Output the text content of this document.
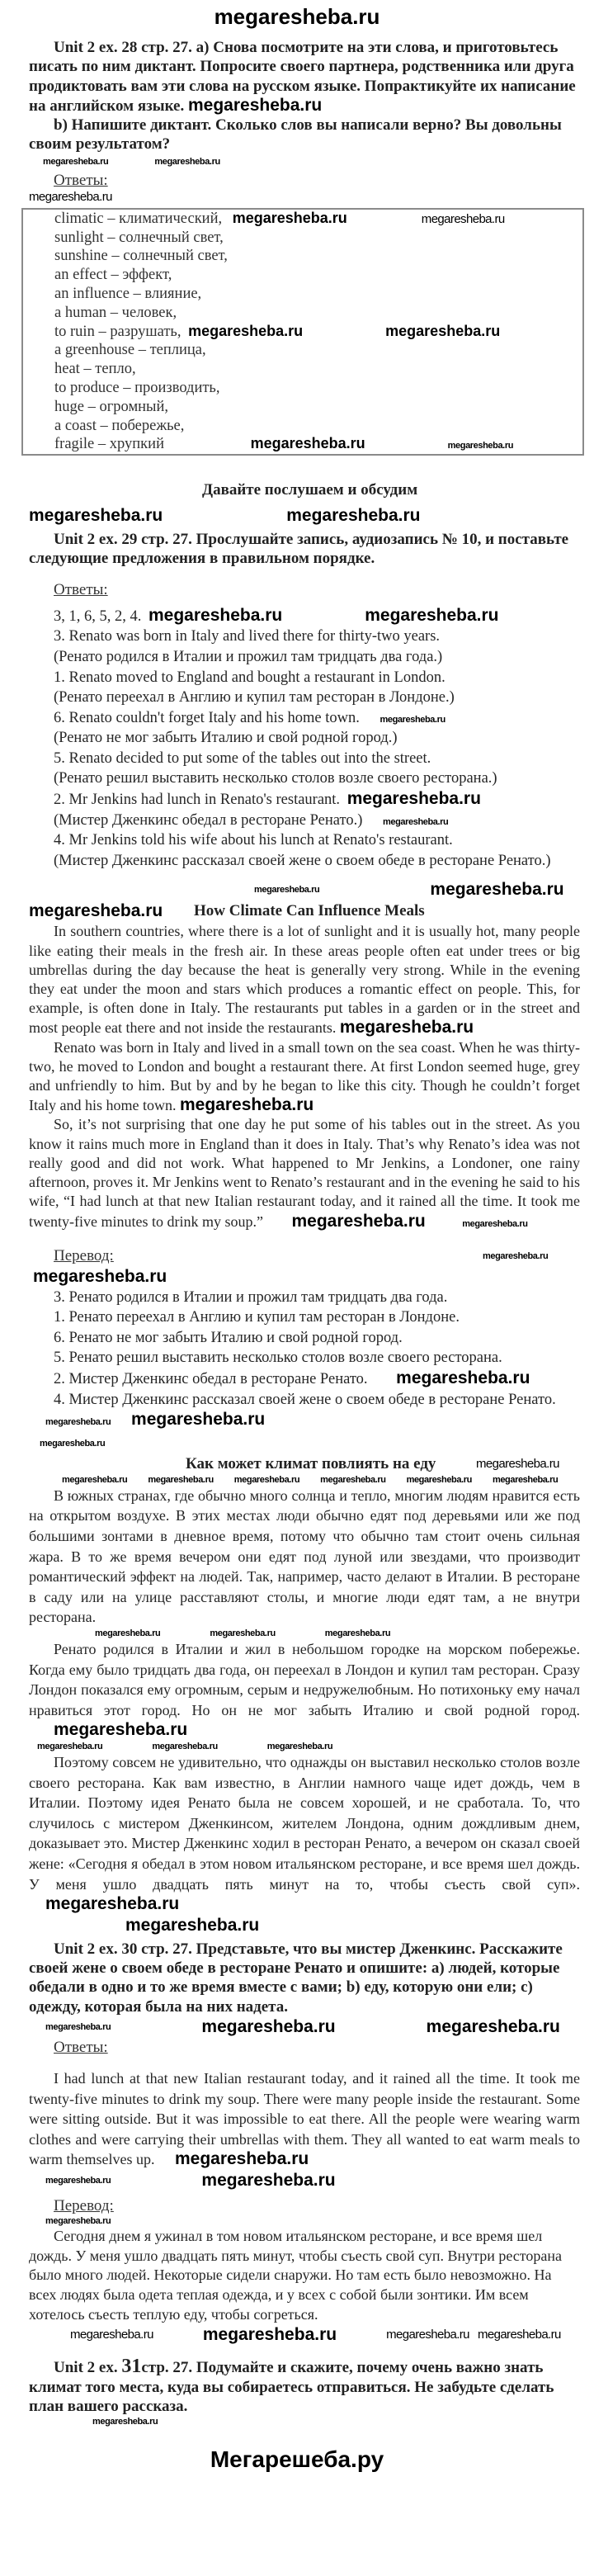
megaresheba.ru
Unit 2 ex. 28 стр. 27. а) Снова посмотрите на эти слова, и приготовьтесь писать по ним диктант. Попросите своего партнера, родственника или друга продиктовать вам эти слова на русском языке. Попрактикуйте их написание на английском языке. megaresheba.ru
b) Напишите диктант. Сколько слов вы написали верно? Вы довольны своим результатом?
megaresheba.ru	megaresheba.ru
Ответы:
megaresheba.ru
climatic – климатический, megaresheba.ru	megaresheba.ru
sunlight – солнечный свет,
sunshine – солнечный свет,
an effect – эффект,
an influence – влияние,
a human – человек,
to ruin – разрушать, megaresheba.ru	megaresheba.ru
a greenhouse – теплица,
heat – тепло,
to produce – производить,
huge – огромный,
a coast – побережье,
fragile – хрупкий	megaresheba.ru	megaresheba.ru
Давайте послушаем и обсудим
megaresheba.ru	megaresheba.ru
Unit 2 ex. 29 стр. 27. Прослушайте запись, аудиозапись № 10, и поставьте следующие предложения в правильном порядке.
Ответы:
3, 1, 6, 5, 2, 4. megaresheba.ru	megaresheba.ru
3. Renato was born in Italy and lived there for thirty-two years.
(Ренато родился в Италии и прожил там тридцать два года.)
1. Renato moved to England and bought a restaurant in London.
(Ренато переехал в Англию и купил там ресторан в Лондоне.)
6. Renato couldn't forget Italy and his home town. megaresheba.ru
(Ренато не мог забыть Италию и свой родной город.)
5. Renato decided to put some of the tables out into the street.
(Ренато решил выставить несколько столов возле своего ресторана.)
2. Mr Jenkins had lunch in Renato's restaurant. megaresheba.ru
(Мистер Дженкинс обедал в ресторане Ренато.) megaresheba.ru
4. Mr Jenkins told his wife about his lunch at Renato's restaurant.
(Мистер Дженкинс рассказал своей жене о своем обеде в ресторане Ренато.)
megaresheba.ru	megaresheba.ru
megaresheba.ru	How Climate Can Influence Meals

In southern countries, where there is a lot of sunlight and it is usually hot, many people like eating their meals in the fresh air. In these areas people often eat under trees or big umbrellas during the day because the heat is generally very strong. While in the evening they eat under the moon and stars which produces a romantic effect on people. This, for example, is often done in Italy. The restaurants put tables in a garden or in the street and most people eat there and not inside the restaurants. megaresheba.ru

Renato was born in Italy and lived in a small town on the sea coast. When he was thirty-two, he moved to London and bought a restaurant there. At first London seemed huge, grey and unfriendly to him. But by and by he began to like this city. Though he couldn’t forget Italy and his home town. megaresheba.ru

So, it’s not surprising that one day he put some of his tables out in the street. As you know it rains much more in England than it does in Italy. That’s why Renato’s idea was not really good and did not work. What happened to Mr Jenkins, a Londoner, one rainy afternoon, proves it. Mr Jenkins went to Renato’s restaurant and in the evening he said to his wife, “I had lunch at that new Italian restaurant today, and it rained all the time. It took me twenty-five minutes to drink my soup.” megaresheba.ru	megaresheba.ru

Перевод:	megaresheba.ru
megaresheba.ru
3. Ренато родился в Италии и прожил там тридцать два года.
1. Ренато переехал в Англию и купил там ресторан в Лондоне.
6. Ренато не мог забыть Италию и свой родной город.
5. Ренато решил выставить несколько столов возле своего ресторана.
2. Мистер Дженкинс обедал в ресторане Ренато. megaresheba.ru
4. Мистер Дженкинс рассказал своей жене о своем обеде в ресторане Ренато. megaresheba.ru megaresheba.ru
megaresheba.ru
Как может климат повлиять на еду	megaresheba.ru
megaresheba.ru megaresheba.ru megaresheba.ru megaresheba.ru megaresheba.ru megaresheba.ru

В южных странах, где обычно много солнца и тепло, многим людям нравится есть на открытом воздухе. В этих местах люди обычно едят под деревьями или же под большими зонтами в дневное время, потому что обычно там стоит очень сильная жара. В то же время вечером они едят под луной или звездами, что производит романтический эффект на людей. Так, например, часто делают в Италии. В ресторане в саду или на улице расставляют столы, и многие люди едят там, а не внутри ресторана.

megaresheba.ru	megaresheba.ru	megaresheba.ru

Ренато родился в Италии и жил в небольшом городке на морском побережье. Когда ему было тридцать два года, он переехал в Лондон и купил там ресторан. Сразу Лондон показался ему огромным, серым и недружелюбным. Но потихоньку ему начал нравиться этот город. Но он не мог забыть Италию и свой родной город. megaresheba.ru

megaresheba.ru	megaresheba.ru	megaresheba.ru

Поэтому совсем не удивительно, что однажды он выставил несколько столов возле своего ресторана. Как вам известно, в Англии намного чаще идет дождь, чем в Италии. Поэтому идея Ренато была не совсем хорошей, и не сработала. То, что случилось с мистером Дженкинсом, жителем Лондона, одним дождливым днем, доказывает это. Мистер Дженкинс ходил в ресторан Ренато, а вечером он сказал своей жене: «Сегодня я обедал в этом новом итальянском ресторане, и все время шел дождь. У меня ушло двадцать пять минут на то, чтобы съесть свой суп». megaresheba.ru

megaresheba.ru
Unit 2 ex. 30 стр. 27. Представьте, что вы мистер Дженкинс. Расскажите своей жене о своем обеде в ресторане Ренато и опишите: а) людей, которые обедали в одно и то же время вместе с вами; b) еду, которую они ели; с) одежду, которая была на них надета.
megaresheba.ru	megaresheba.ru	megaresheba.ru
Ответы:

I had lunch at that new Italian restaurant today, and it rained all the time. It took me twenty-five minutes to drink my soup. There were many people inside the restaurant. Some were sitting outside. But it was impossible to eat there. All the people were wearing warm clothes and were carrying their umbrellas with them. They all wanted to eat warm meals to warm themselves up. megaresheba.ru

megaresheba.ru	megaresheba.ru
Перевод:
megaresheba.ru

Сегодня днем я ужинал в том новом итальянском ресторане, и все время шел дождь. У меня ушло двадцать пять минут, чтобы съесть свой суп. Внутри ресторана было много людей. Некоторые сидели снаружи. Но там есть было невозможно. На всех людях была одета теплая одежда, и у всех с собой были зонтики. Им всем хотелось съесть теплую еду, чтобы согреться.

megaresheba.ru	megaresheba.ru	megaresheba.ru megaresheba.ru
Unit 2 ex. 31стр. 27. Подумайте и скажите, почему очень важно знать климат того места, куда вы собираетесь отправиться. Не забудьте сделать план вашего рассказа.
megaresheba.ru
Мегарешеба.ру
